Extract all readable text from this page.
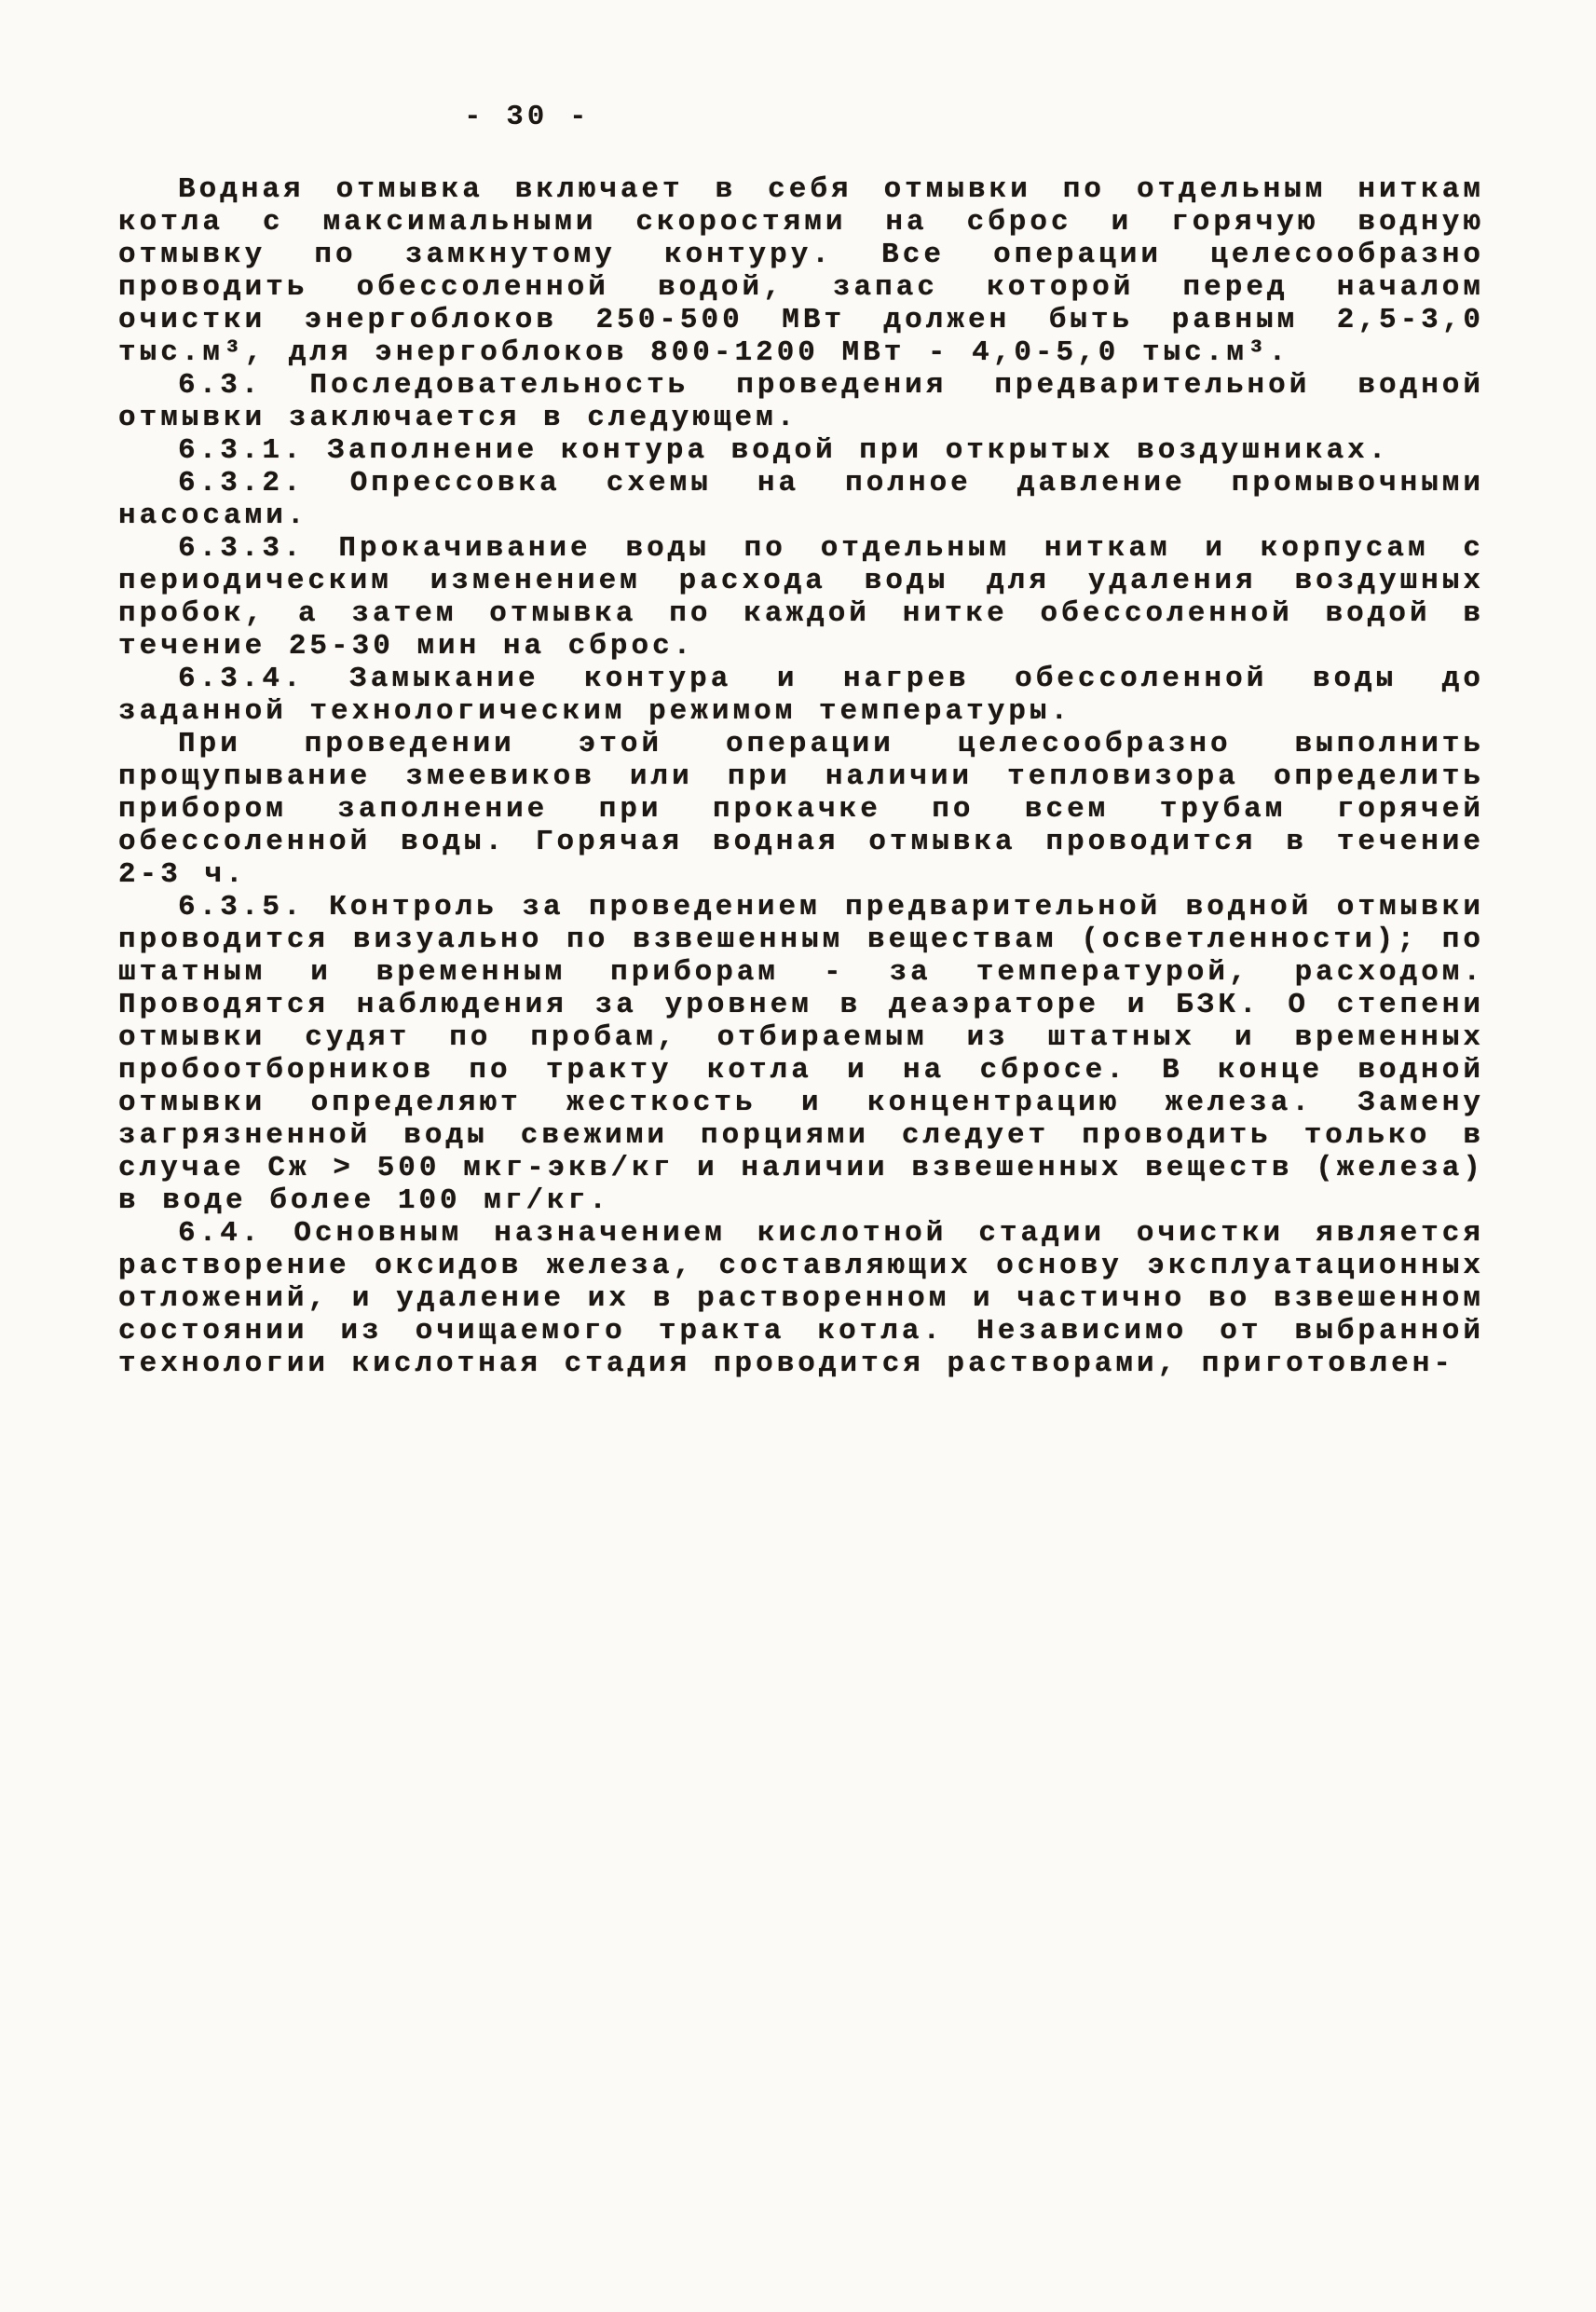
- 30 -

Водная отмывка включает в себя отмывки по отдельным ниткам котла с максимальными скоростями на сброс и горячую водную отмывку по замкнутому контуру. Все операции целесообразно проводить обессоленной водой, запас которой перед началом очистки энергоблоков 250-500 МВт должен быть равным 2,5-3,0 тыс.м³, для энергоблоков 800-1200 МВт - 4,0-5,0 тыс.м³.

6.3. Последовательность проведения предварительной водной отмывки заключается в следующем.

6.3.1. Заполнение контура водой при открытых воздушниках.

6.3.2. Опрессовка схемы на полное давление промывочными насосами.

6.3.3. Прокачивание воды по отдельным ниткам и корпусам с периодическим изменением расхода воды для удаления воздушных пробок, а затем отмывка по каждой нитке обессоленной водой в течение 25-30 мин на сброс.

6.3.4. Замыкание контура и нагрев обессоленной воды до заданной технологическим режимом температуры.

При проведении этой операции целесообразно выполнить прощупывание змеевиков или при наличии тепловизора определить прибором заполнение при прокачке по всем трубам горячей обессоленной воды. Горячая водная отмывка проводится в течение 2-3 ч.

6.3.5. Контроль за проведением предварительной водной отмывки проводится визуально по взвешенным веществам (осветленности); по штатным и временным приборам - за температурой, расходом. Проводятся наблюдения за уровнем в деаэраторе и БЗК. О степени отмывки судят по пробам, отбираемым из штатных и временных пробоотборников по тракту котла и на сбросе. В конце водной отмывки определяют жесткость и концентрацию железа. Замену загрязненной воды свежими порциями следует проводить только в случае Сж > 500 мкг-экв/кг и наличии взвешенных веществ (железа) в воде более 100 мг/кг.

6.4. Основным назначением кислотной стадии очистки является растворение оксидов железа, составляющих основу эксплуатационных отложений, и удаление их в растворенном и частично во взвешенном состоянии из очищаемого тракта котла. Независимо от выбранной технологии кислотная стадия проводится растворами, приготовлен-
